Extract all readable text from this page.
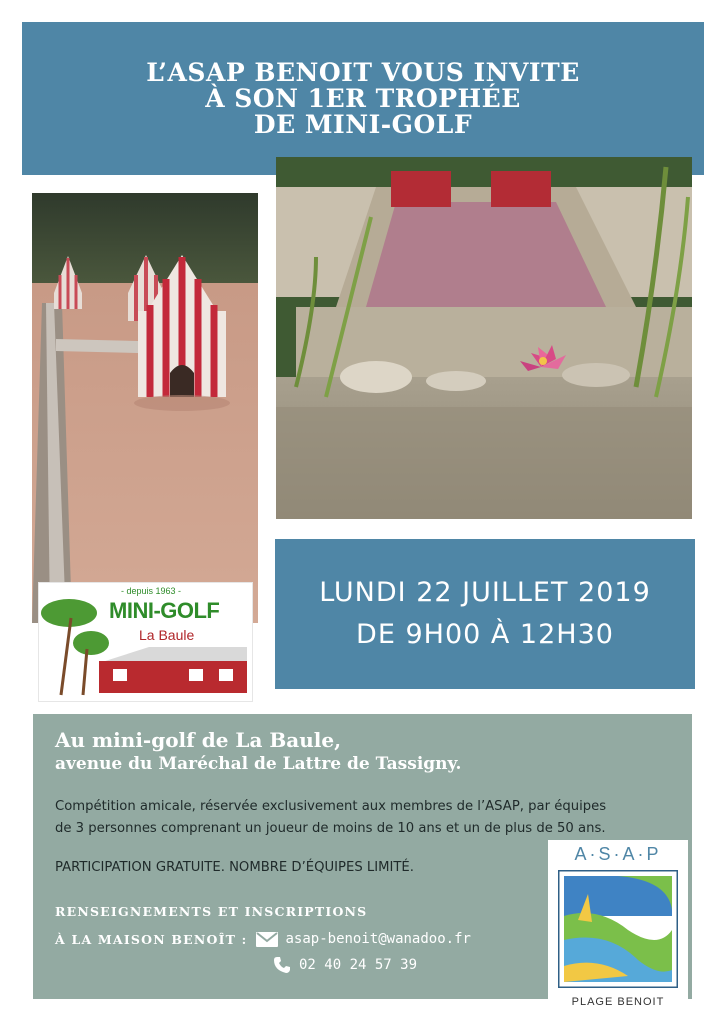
L’ASAP BENOIT VOUS INVITE
À SON 1ER TROPHÉE
DE MINI-GOLF
- depuis 1963 -
MINI-GOLF
La Baule
LUNDI 22 JUILLET 2019
DE 9H00 À 12H30
Au mini-golf de La Baule,
avenue du Maréchal de Lattre de Tassigny.
Compétition amicale, réservée exclusivement aux membres de l’ASAP, par équipes
de 3 personnes comprenant un joueur de moins de 10 ans et un de plus de 50 ans.
PARTICIPATION GRATUITE. NOMBRE D’ÉQUIPES LIMITÉ.
RENSEIGNEMENTS ET INSCRIPTIONS
À LA MAISON BENOÎT :	asap-benoit@wanadoo.fr
02 40 24 57 39
A·S·A·P
PLAGE BENOIT
